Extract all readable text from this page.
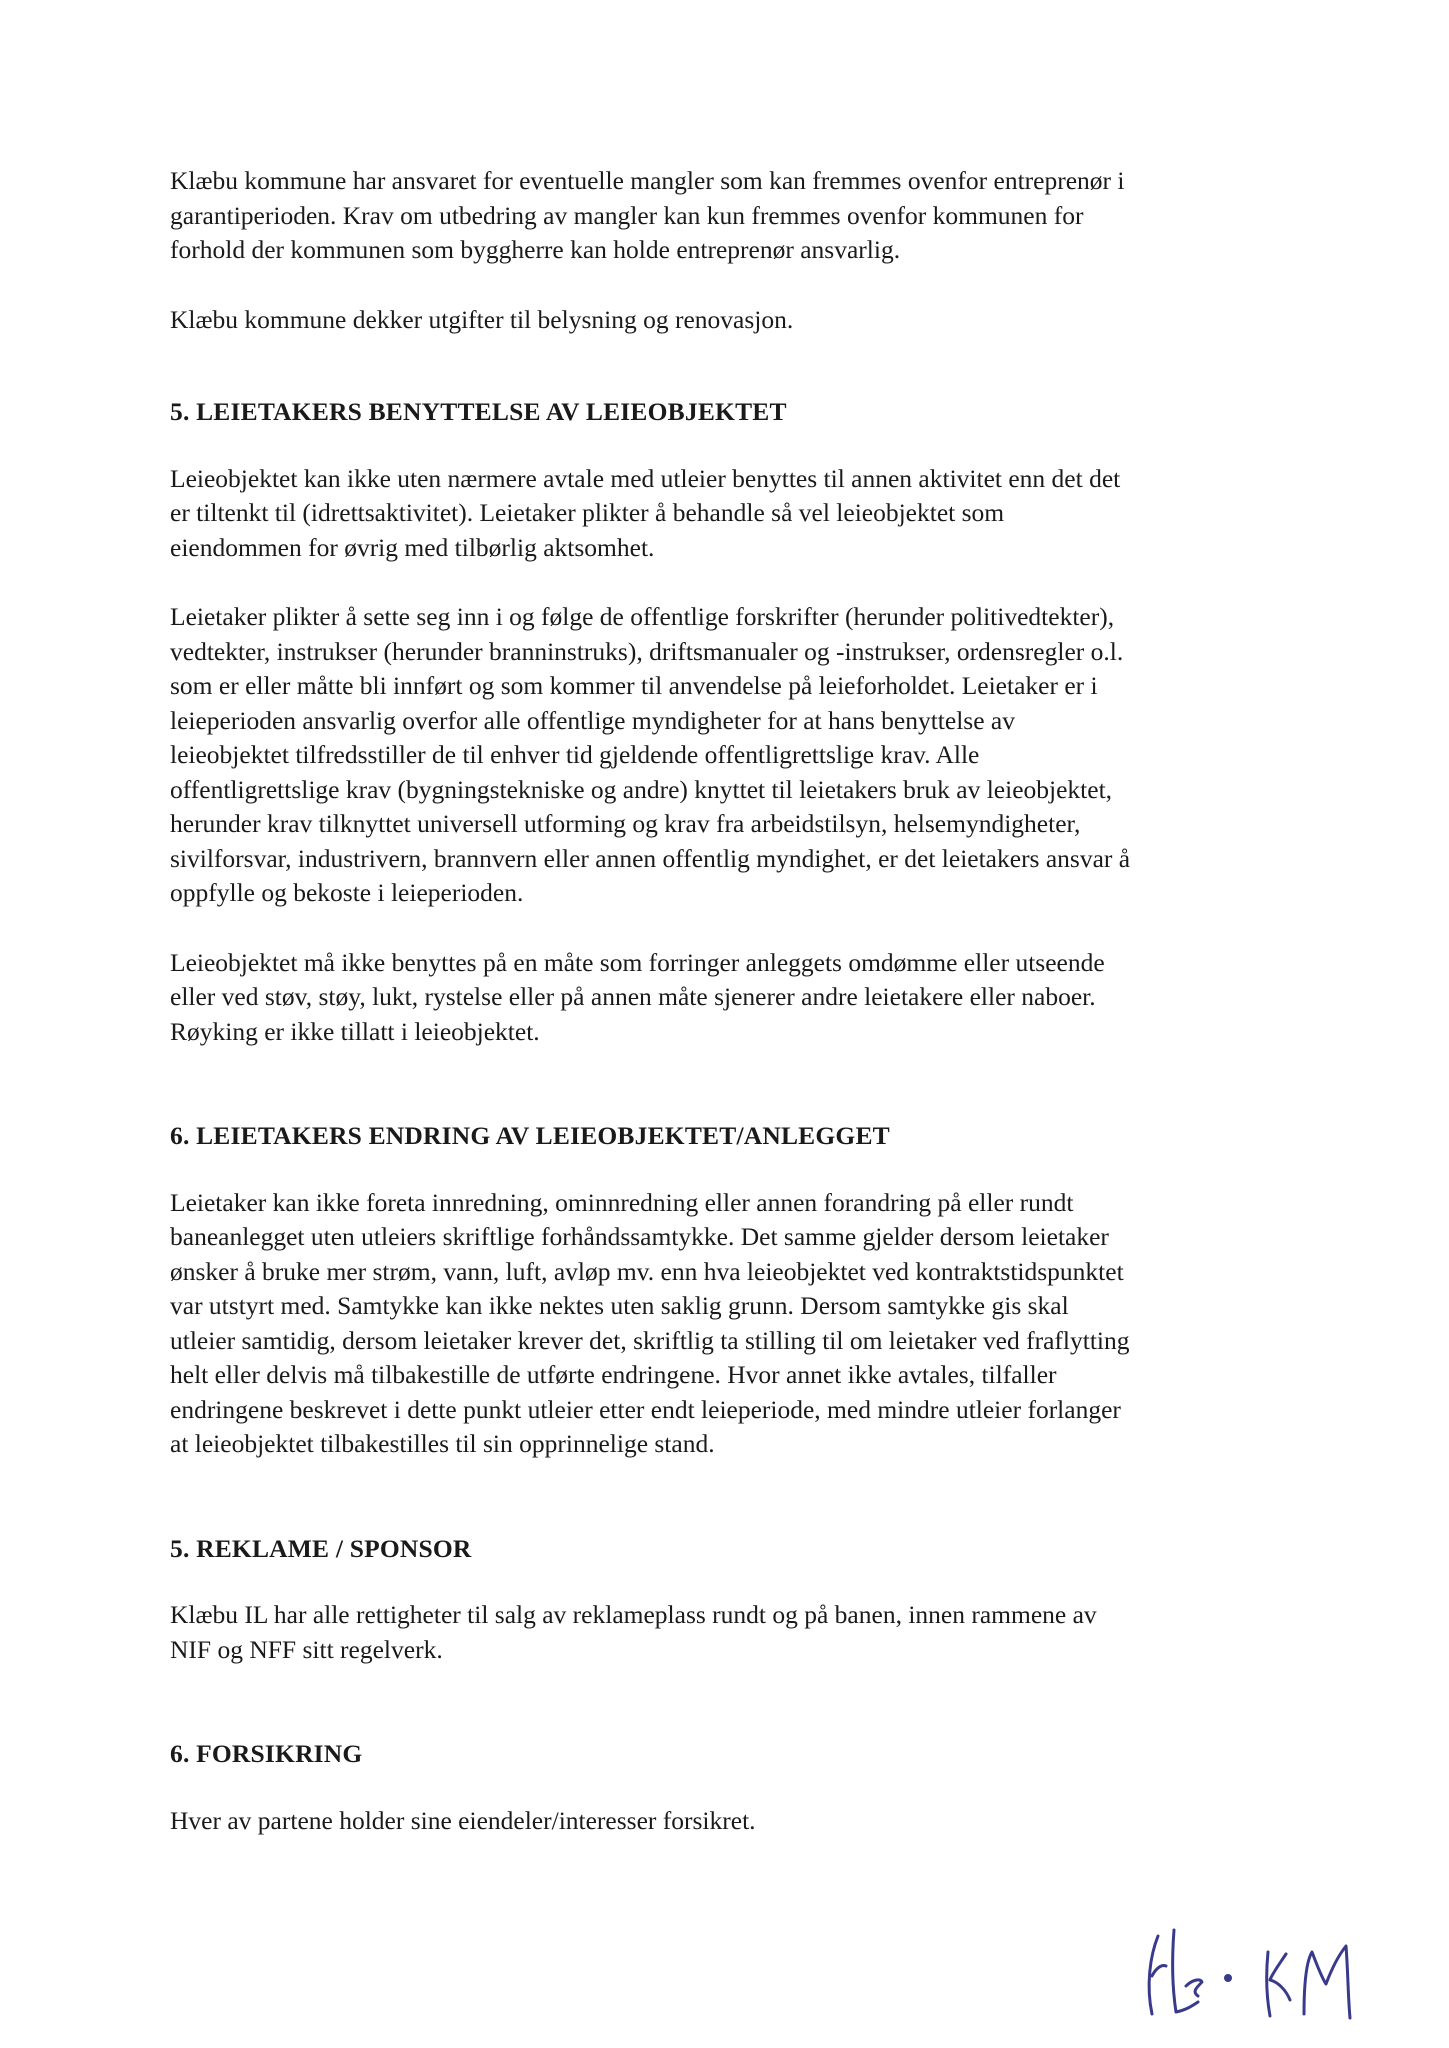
Klæbu kommune har ansvaret for eventuelle mangler som kan fremmes ovenfor entreprenør i
garantiperioden. Krav om utbedring av mangler kan kun fremmes ovenfor kommunen for
forhold der kommunen som byggherre kan holde entreprenør ansvarlig.

Klæbu kommune dekker utgifter til belysning og renovasjon.

5. LEIETAKERS BENYTTELSE AV LEIEOBJEKTET

Leieobjektet kan ikke uten nærmere avtale med utleier benyttes til annen aktivitet enn det det
er tiltenkt til (idrettsaktivitet). Leietaker plikter å behandle så vel leieobjektet som
eiendommen for øvrig med tilbørlig aktsomhet.

Leietaker plikter å sette seg inn i og følge de offentlige forskrifter (herunder politivedtekter),
vedtekter, instrukser (herunder branninstruks), driftsmanualer og -instrukser, ordensregler o.l.
som er eller måtte bli innført og som kommer til anvendelse på leieforholdet. Leietaker er i
leieperioden ansvarlig overfor alle offentlige myndigheter for at hans benyttelse av
leieobjektet tilfredsstiller de til enhver tid gjeldende offentligrettslige krav. Alle
offentligrettslige krav (bygningstekniske og andre) knyttet til leietakers bruk av leieobjektet,
herunder krav tilknyttet universell utforming og krav fra arbeidstilsyn, helsemyndigheter,
sivilforsvar, industrivern, brannvern eller annen offentlig myndighet, er det leietakers ansvar å
oppfylle og bekoste i leieperioden.

Leieobjektet må ikke benyttes på en måte som forringer anleggets omdømme eller utseende
eller ved støv, støy, lukt, rystelse eller på annen måte sjenerer andre leietakere eller naboer.
Røyking er ikke tillatt i leieobjektet.

6. LEIETAKERS ENDRING AV LEIEOBJEKTET/ANLEGGET

Leietaker kan ikke foreta innredning, ominnredning eller annen forandring på eller rundt
baneanlegget uten utleiers skriftlige forhåndssamtykke. Det samme gjelder dersom leietaker
ønsker å bruke mer strøm, vann, luft, avløp mv. enn hva leieobjektet ved kontraktstidspunktet
var utstyrt med. Samtykke kan ikke nektes uten saklig grunn. Dersom samtykke gis skal
utleier samtidig, dersom leietaker krever det, skriftlig ta stilling til om leietaker ved fraflytting
helt eller delvis må tilbakestille de utførte endringene. Hvor annet ikke avtales, tilfaller
endringene beskrevet i dette punkt utleier etter endt leieperiode, med mindre utleier forlanger
at leieobjektet tilbakestilles til sin opprinnelige stand.

5. REKLAME / SPONSOR

Klæbu IL har alle rettigheter til salg av reklameplass rundt og på banen, innen rammene av
NIF og NFF sitt regelverk.

6. FORSIKRING

Hver av partene holder sine eiendeler/interesser forsikret.
